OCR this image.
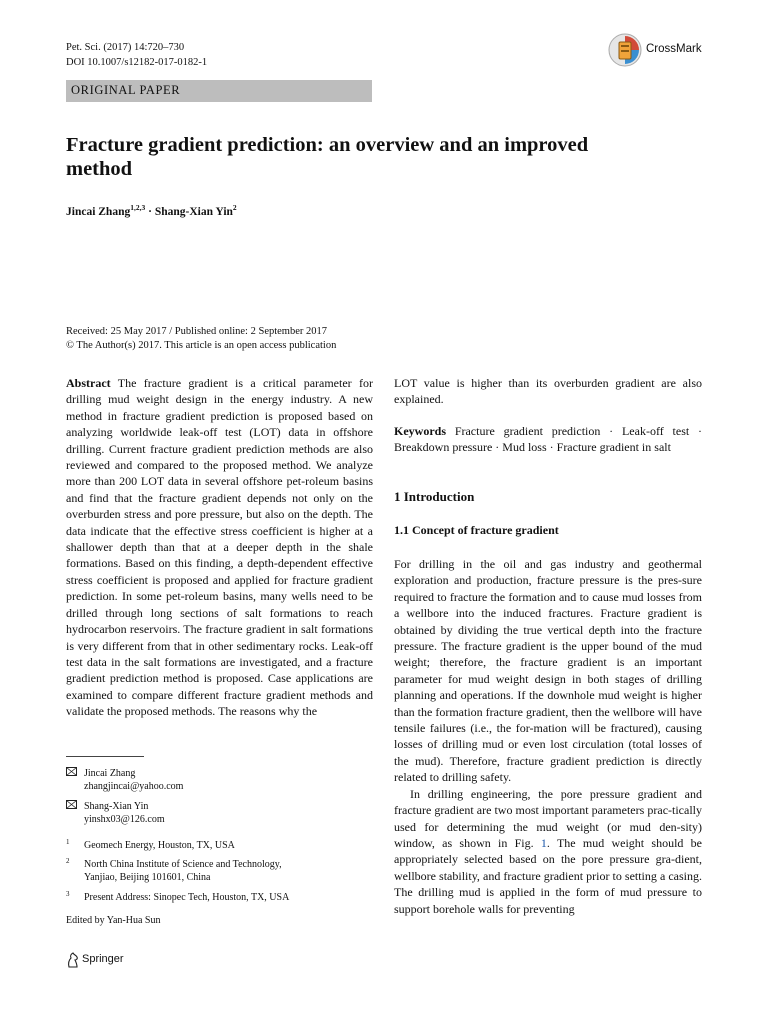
Pet. Sci. (2017) 14:720–730
DOI 10.1007/s12182-017-0182-1
CrossMark
ORIGINAL PAPER
Fracture gradient prediction: an overview and an improved
method
Jincai Zhang$^{1,2,3}$ · Shang-Xian Yin$^2$
Received: 25 May 2017 / Published online: 2 September 2017
© The Author(s) 2017. This article is an open access publication

Abstract The fracture gradient is a critical parameter for drilling mud weight design in the energy industry. A new method in fracture gradient prediction is proposed based on analyzing worldwide leak-off test (LOT) data in offshore drilling. Current fracture gradient prediction methods are also reviewed and compared to the proposed method. We analyze more than 200 LOT data in several offshore pet-roleum basins and find that the fracture gradient depends not only on the overburden stress and pore pressure, but also on the depth. The data indicate that the effective stress coefficient is higher at a shallower depth than that at a deeper depth in the shale formations. Based on this finding, a depth-dependent effective stress coefficient is proposed and applied for fracture gradient prediction. In some pet-roleum basins, many wells need to be drilled through long sections of salt formations to reach hydrocarbon reservoirs. The fracture gradient in salt formations is very different from that in other sedimentary rocks. Leak-off test data in the salt formations are investigated, and a fracture gradient prediction method is proposed. Case applications are examined to compare different fracture gradient methods and validate the proposed methods. The reasons why the

Jincai Zhang
zhangjincai@yahoo.com
Shang-Xian Yin
yinshx03@126.com
1 Geomech Energy, Houston, TX, USA
2 North China Institute of Science and Technology,
Yanjiao, Beijing 101601, China
3 Present Address: Sinopec Tech, Houston, TX, USA
Edited by Yan-Hua Sun

LOT value is higher than its overburden gradient are also explained.

Keywords Fracture gradient prediction · Leak-off test · Breakdown pressure · Mud loss · Fracture gradient in salt

1 Introduction
1.1 Concept of fracture gradient

For drilling in the oil and gas industry and geothermal exploration and production, fracture pressure is the pres-sure required to fracture the formation and to cause mud losses from a wellbore into the induced fractures. Fracture gradient is obtained by dividing the true vertical depth into the fracture pressure. The fracture gradient is the upper bound of the mud weight; therefore, the fracture gradient is an important parameter for mud weight design in both stages of drilling planning and operations. If the downhole mud weight is higher than the formation fracture gradient, then the wellbore will have tensile failures (i.e., the for-mation will be fractured), causing losses of drilling mud or even lost circulation (total losses of the mud). Therefore, fracture gradient prediction is directly related to drilling safety.

In drilling engineering, the pore pressure gradient and fracture gradient are two most important parameters prac-tically used for determining the mud weight (or mud den-sity) window, as shown in Fig. 1. The mud weight should be appropriately selected based on the pore pressure gra-dient, wellbore stability, and fracture gradient prior to setting a casing. The drilling mud is applied in the form of mud pressure to support borehole walls for preventing

Springer
